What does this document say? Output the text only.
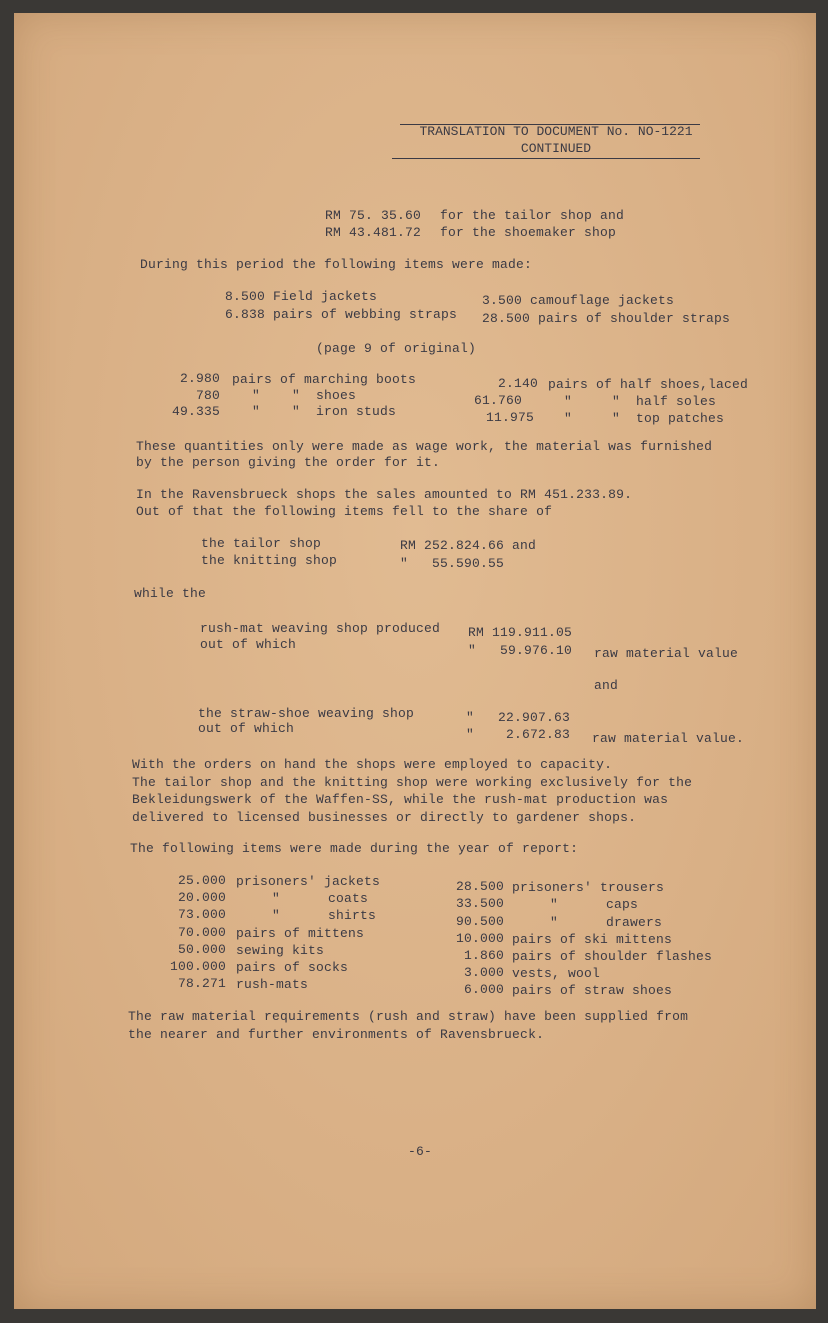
TRANSLATION TO DOCUMENT No. NO-1221
CONTINUED
RM 75. 35.60 for the tailor shop and
RM 43.481.72 for the shoemaker shop
During this period the following items were made:
8.500 Field jackets	3.500 camouflage jackets
6.838 pairs of webbing straps 28.500 pairs of shoulder straps
(page 9 of original)
2.980 pairs of marching boots	2.140 pairs of half shoes,laced
780 "    "  shoes	61.760	"     "  half soles
49.335 "    "  iron studs	11.975 "     "  top patches
These quantities only were made as wage work, the material was furnished
by the person giving the order for it.
In the Ravensbrueck shops the sales amounted to RM 451.233.89.
Out of that the following items fell to the share of
the tailor shop	RM 252.824.66 and
the knitting shop	"   55.590.55
while the
rush-mat weaving shop produced RM 119.911.05
out of which	"   59.976.10 raw material value
and
the straw-shoe weaving shop	"   22.907.63
out of which	"    2.672.83 raw material value.
With the orders on hand the shops were employed to capacity.
The tailor shop and the knitting shop were working exclusively for the
Bekleidungswerk of the Waffen-SS, while the rush-mat production was
delivered to licensed businesses or directly to gardener shops.
The following items were made during the year of report:
25.000 prisoners' jackets	28.500 prisoners' trousers
20.000	"      coats	33.500	"      caps
73.000	"      shirts	90.500	"      drawers
70.000 pairs of mittens	10.000 pairs of ski mittens
50.000 sewing kits	1.860 pairs of shoulder flashes
100.000 pairs of socks	3.000 vests, wool
78.271 rush-mats	6.000 pairs of straw shoes
The raw material requirements (rush and straw) have been supplied from
the nearer and further environments of Ravensbrueck.
-6-
